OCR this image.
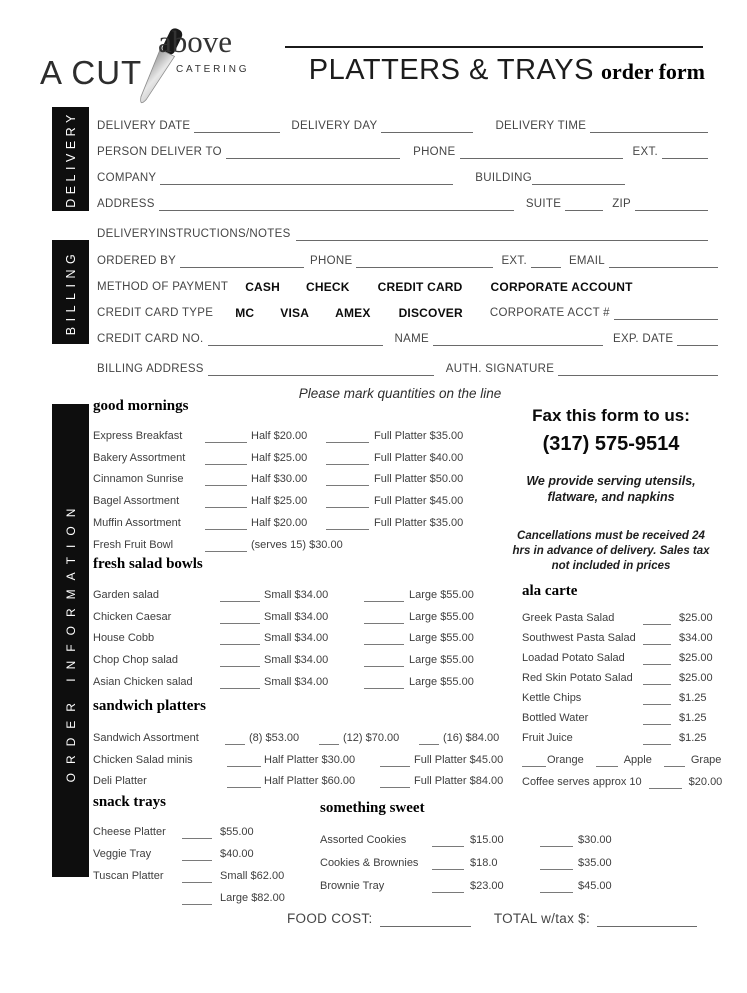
A CUT
above
CATERING	PLATTERS & TRAYS order form
DELIVERY DELIVERY DATE	DELIVERY DAY	DELIVERY TIME
PERSON DELIVER TO	PHONE	EXT.
COMPANY	BUILDING
ADDRESS	SUITE	ZIP
DELIVERYINSTRUCTIONS/NOTES
BILLING ORDERED BY	PHONE	EXT.	EMAIL
METHOD OF PAYMENT CASH CHECK CREDIT CARD CORPORATE ACCOUNT
CREDIT CARD TYPE MC VISA AMEX DISCOVER CORPORATE ACCT #
CREDIT CARD NO.	NAME	EXP. DATE
BILLING ADDRESS	AUTH. SIGNATURE
ORDER INFORMATION
Please mark quantities on the line
good mornings
Express Breakfast	Half $20.00	Full Platter $35.00
Bakery Assortment	Half $25.00	Full Platter $40.00
Cinnamon Sunrise	Half $30.00	Full Platter $50.00
Bagel Assortment	Half $25.00	Full Platter $45.00
Muffin Assortment	Half $20.00	Full Platter $35.00
Fresh Fruit Bowl	(serves 15) $30.00
fresh salad bowls
Garden salad	Small $34.00	Large $55.00
Chicken Caesar	Small $34.00	Large $55.00
House Cobb	Small $34.00	Large $55.00
Chop Chop salad	Small $34.00	Large $55.00
Asian Chicken salad	Small $34.00	Large $55.00
sandwich platters
Sandwich Assortment	(8) $53.00	(12) $70.00	(16) $84.00
Chicken Salad minis	Half Platter $30.00	Full Platter $45.00
Deli Platter	Half Platter $60.00	Full Platter $84.00
snack trays
Cheese Platter	$55.00
Veggie Tray	$40.00
Tuscan Platter	Small $62.00
Large $82.00
something sweet
Assorted Cookies	$15.00	$30.00
Cookies & Brownies	$18.0	$35.00
Brownie Tray	$23.00	$45.00
Fax this form to us:
(317) 575-9514
We provide serving utensils, flatware, and napkins
Cancellations must be received 24 hrs in advance of delivery. Sales tax not included in prices
ala carte
Greek Pasta Salad	$25.00
Southwest Pasta Salad	$34.00
Loadad Potato Salad	$25.00
Red Skin Potato Salad	$25.00
Kettle Chips	$1.25
Bottled Water	$1.25
Fruit Juice	$1.25
Orange	Apple	Grape
Coffee serves approx 10	$20.00
FOOD COST:	TOTAL w/tax $:
